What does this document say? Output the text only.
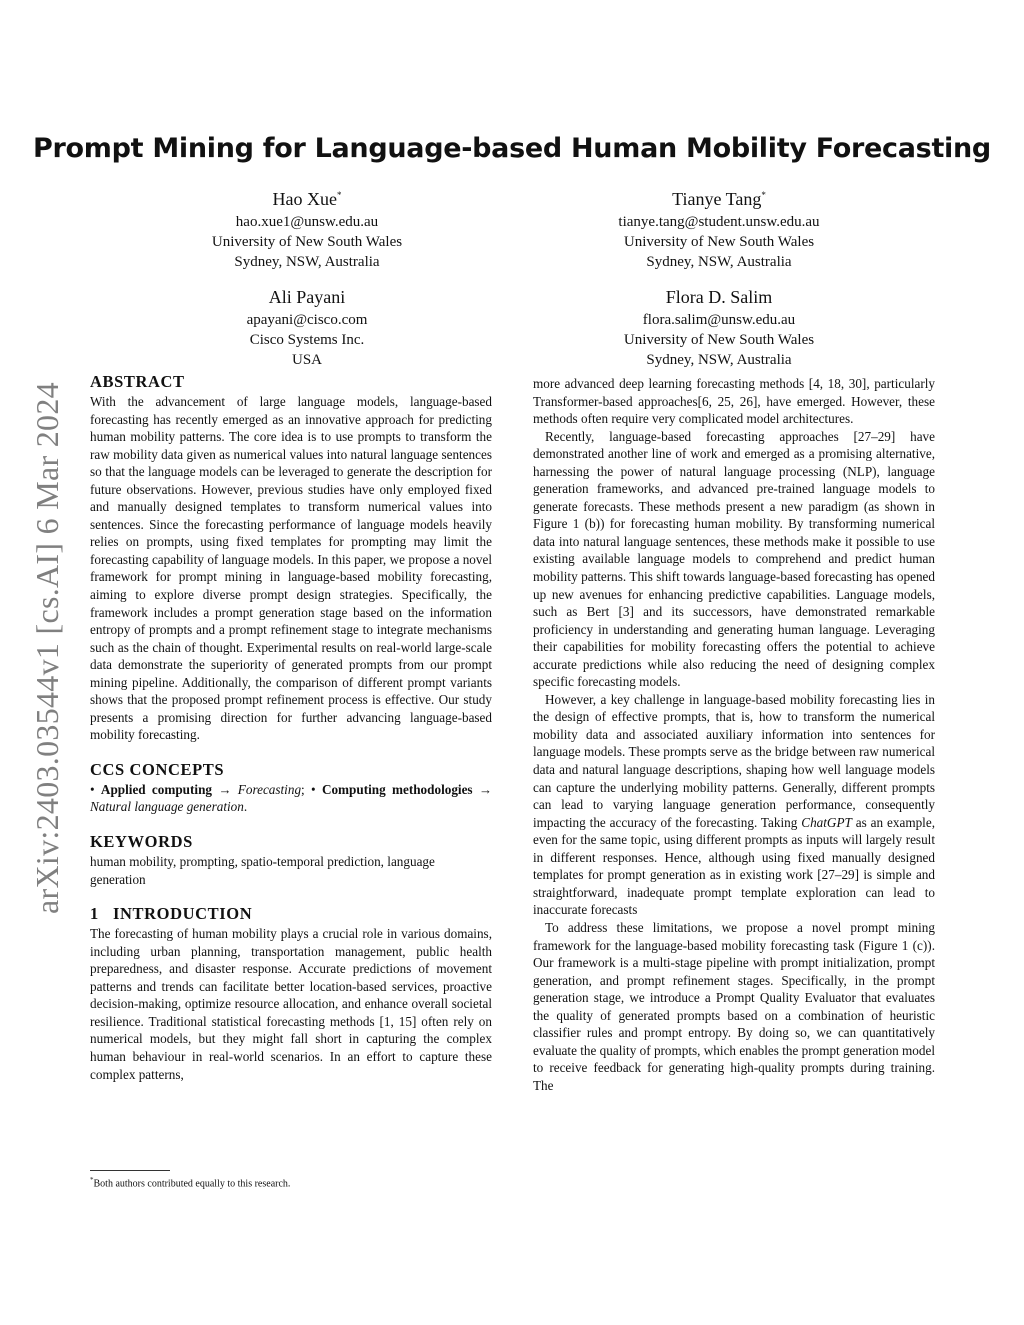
arXiv:2403.03544v1 [cs.AI] 6 Mar 2024
Prompt Mining for Language-based Human Mobility Forecasting
Hao Xue*
hao.xue1@unsw.edu.au
University of New South Wales
Sydney, NSW, Australia
Tianye Tang*
tianye.tang@student.unsw.edu.au
University of New South Wales
Sydney, NSW, Australia
Ali Payani
apayani@cisco.com
Cisco Systems Inc.
USA
Flora D. Salim
flora.salim@unsw.edu.au
University of New South Wales
Sydney, NSW, Australia
ABSTRACT

With the advancement of large language models, language-based forecasting has recently emerged as an innovative approach for predicting human mobility patterns. The core idea is to use prompts to transform the raw mobility data given as numerical values into natural language sentences so that the language models can be leveraged to generate the description for future observations. However, previous studies have only employed fixed and manually designed templates to transform numerical values into sentences. Since the forecasting performance of language models heavily relies on prompts, using fixed templates for prompting may limit the forecasting capability of language models. In this paper, we propose a novel framework for prompt mining in language-based mobility forecasting, aiming to explore diverse prompt design strategies. Specifically, the framework includes a prompt generation stage based on the information entropy of prompts and a prompt refinement stage to integrate mechanisms such as the chain of thought. Experimental results on real-world large-scale data demonstrate the superiority of generated prompts from our prompt mining pipeline. Additionally, the comparison of different prompt variants shows that the proposed prompt refinement process is effective. Our study presents a promising direction for further advancing language-based mobility forecasting.

CCS CONCEPTS

• Applied computing → Forecasting; • Computing methodologies → Natural language generation.

KEYWORDS

human mobility, prompting, spatio-temporal prediction, language generation

1   INTRODUCTION

The forecasting of human mobility plays a crucial role in various domains, including urban planning, transportation management, public health preparedness, and disaster response. Accurate predictions of movement patterns and trends can facilitate better location-based services, proactive decision-making, optimize resource allocation, and enhance overall societal resilience. Traditional statistical forecasting methods [1, 15] often rely on numerical models, but they might fall short in capturing the complex human behaviour in real-world scenarios. In an effort to capture these complex patterns,

more advanced deep learning forecasting methods [4, 18, 30], particularly Transformer-based approaches[6, 25, 26], have emerged. However, these methods often require very complicated model architectures.

Recently, language-based forecasting approaches [27–29] have demonstrated another line of work and emerged as a promising alternative, harnessing the power of natural language processing (NLP), language generation frameworks, and advanced pre-trained language models to generate forecasts. These methods present a new paradigm (as shown in Figure 1 (b)) for forecasting human mobility. By transforming numerical data into natural language sentences, these methods make it possible to use existing available language models to comprehend and predict human mobility patterns. This shift towards language-based forecasting has opened up new avenues for enhancing predictive capabilities. Language models, such as Bert [3] and its successors, have demonstrated remarkable proficiency in understanding and generating human language. Leveraging their capabilities for mobility forecasting offers the potential to achieve accurate predictions while also reducing the need of designing complex specific forecasting models.

However, a key challenge in language-based mobility forecasting lies in the design of effective prompts, that is, how to transform the numerical mobility data and associated auxiliary information into sentences for language models. These prompts serve as the bridge between raw numerical data and natural language descriptions, shaping how well language models can capture the underlying mobility patterns. Generally, different prompts can lead to varying language generation performance, consequently impacting the accuracy of the forecasting. Taking ChatGPT as an example, even for the same topic, using different prompts as inputs will largely result in different responses. Hence, although using fixed manually designed templates for prompt generation as in existing work [27–29] is simple and straightforward, inadequate prompt template exploration can lead to inaccurate forecasts

To address these limitations, we propose a novel prompt mining framework for the language-based mobility forecasting task (Figure 1 (c)). Our framework is a multi-stage pipeline with prompt initialization, prompt generation, and prompt refinement stages. Specifically, in the prompt generation stage, we introduce a Prompt Quality Evaluator that evaluates the quality of generated prompts based on a combination of heuristic classifier rules and prompt entropy. By doing so, we can quantitatively evaluate the quality of prompts, which enables the prompt generation model to receive feedback for generating high-quality prompts during training. The

*Both authors contributed equally to this research.
